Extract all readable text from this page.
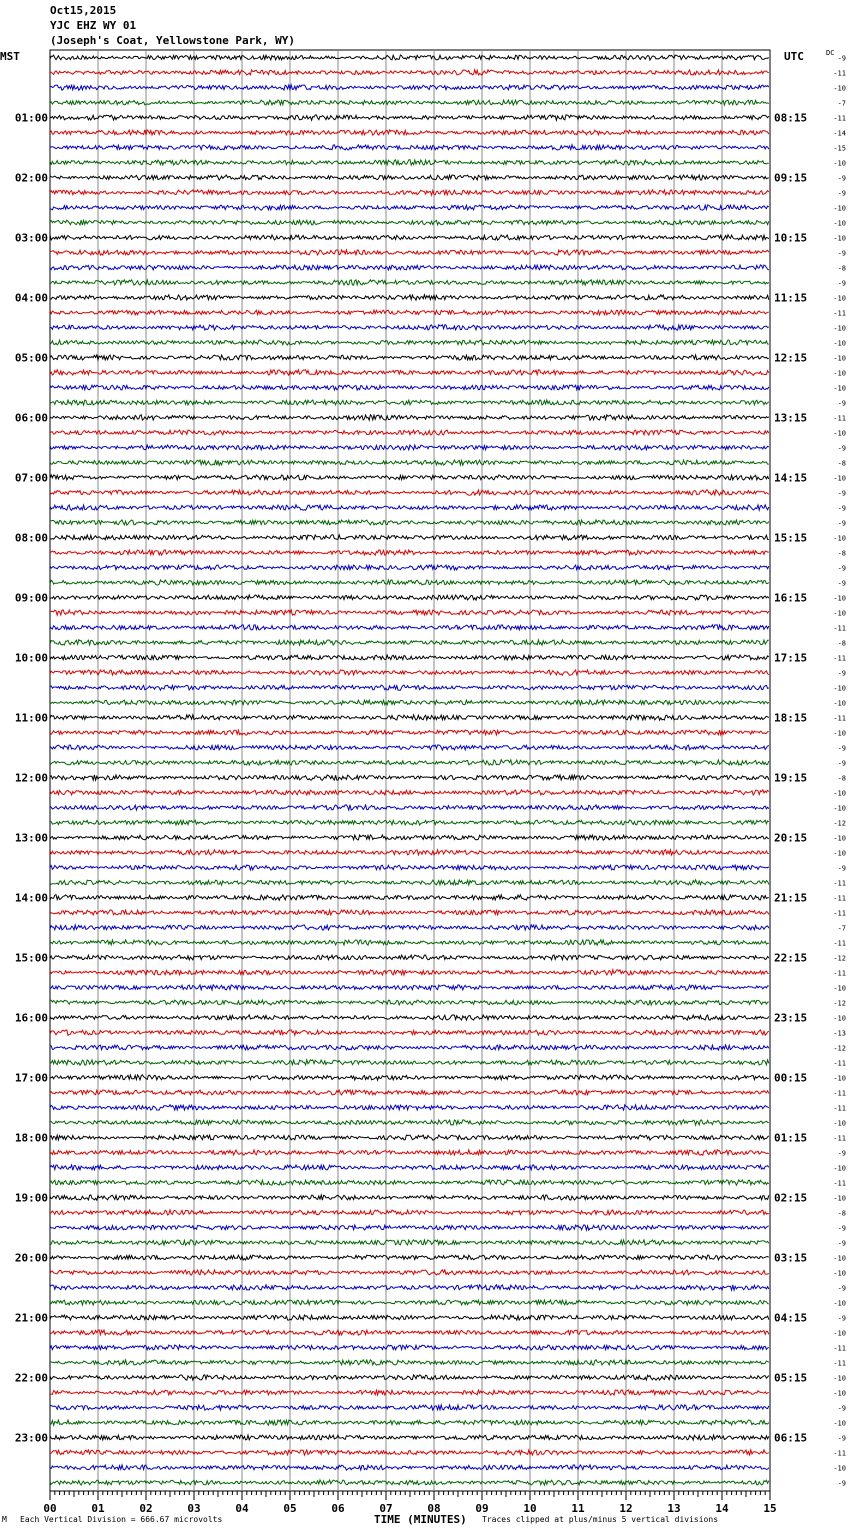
Oct15,2015
YJC EHZ WY 01
(Joseph's Coat, Yellowstone Park, WY)
MST	UTC
01:00
02:00
03:00
04:00
05:00
06:00
07:00
08:00
09:00
10:00
11:00
12:00
13:00
14:00
15:00
16:00
17:00
18:00
19:00
20:00
21:00
22:00
23:00
08:15
09:15
10:15
11:15
12:15
13:15
14:15
15:15
16:15
17:15
18:15
19:15
20:15
21:15
22:15
23:15
00:15
01:15
02:15
03:15
04:15
05:15
06:15
DC
-9
-11
-10
-7
-11
-14
-15
-10
-9
-9
-10
-10
-10
-9
-8
-9
-10
-11
-10
-10
-10
-10
-10
-9
-11
-10
-9
-8
-10
-9
-9
-9
-10
-8
-9
-9
-10
-10
-11
-8
-11
-9
-10
-10
-11
-10
-9
-9
-8
-10
-10
-12
-10
-10
-9
-11
-11
-11
-7
-11
-12
-11
-10
-12
-10
-13
-12
-11
-10
-11
-11
-10
-11
-9
-10
-11
-10
-8
-9
-9
-10
-10
-9
-10
-9
-10
-11
-11
-10
-10
-9
-10
-9
-11
-10
-9
00	01	02	03	04	05	06	07	08	09	10	11	12	13	14	15
M Each Vertical Division = 666.67 microvolts	TIME (MINUTES) Traces clipped at plus/minus 5 vertical divisions
